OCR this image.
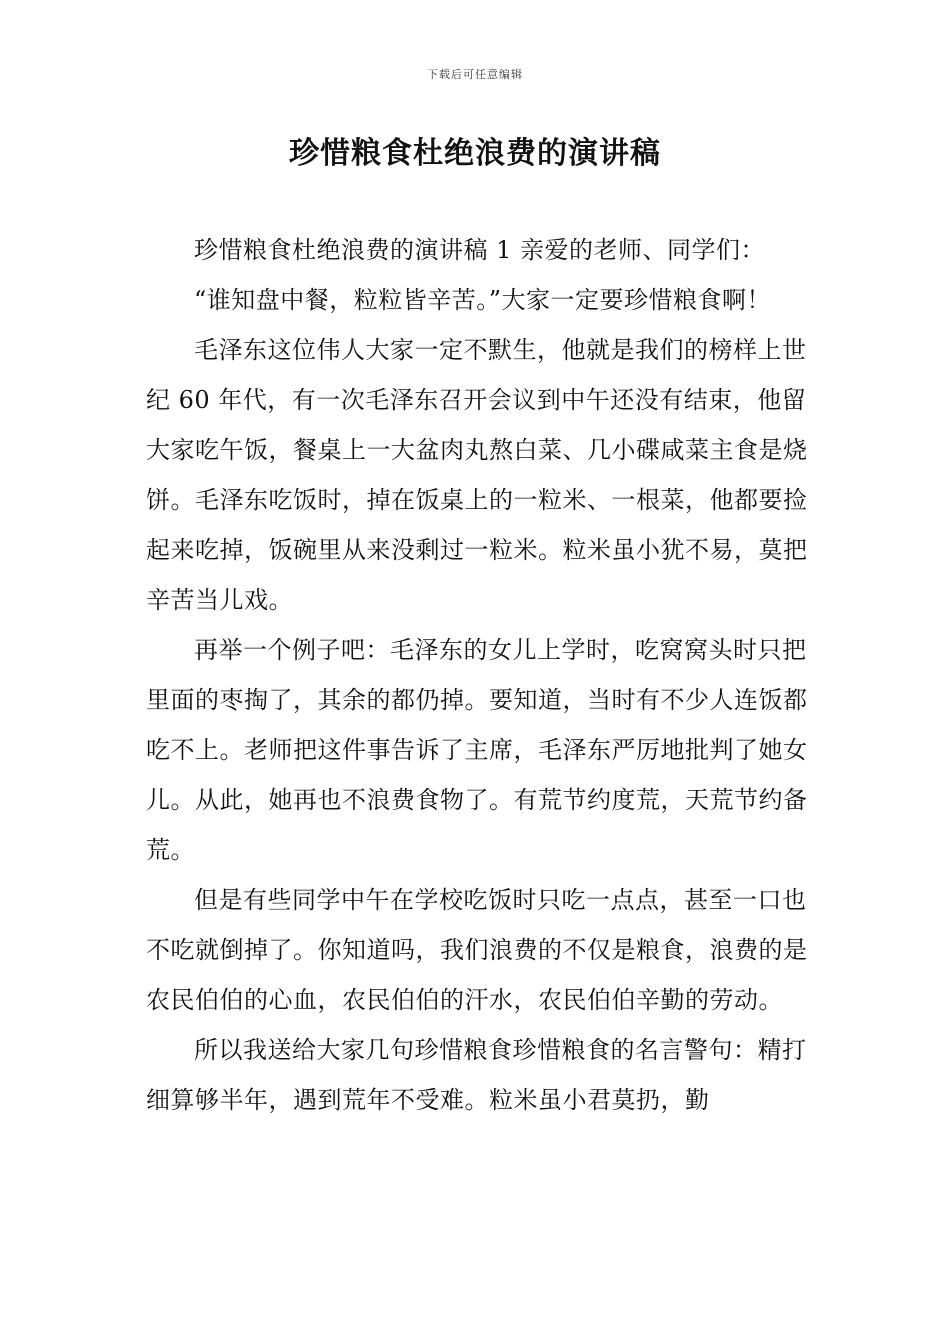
下载后可任意编辑
珍惜粮食杜绝浪费的演讲稿

珍惜粮食杜绝浪费的演讲稿 1 亲爱的老师、同学们：

“谁知盘中餐，粒粒皆辛苦。”大家一定要珍惜粮食啊！

毛泽东这位伟人大家一定不默生，他就是我们的榜样上世纪 60 年代，有一次毛泽东召开会议到中午还没有结束，他留大家吃午饭，餐桌上一大盆肉丸熬白菜、几小碟咸菜主食是烧饼。毛泽东吃饭时，掉在饭桌上的一粒米、一根菜，他都要捡起来吃掉，饭碗里从来没剩过一粒米。粒米虽小犹不易，莫把辛苦当儿戏。

再举一个例子吧：毛泽东的女儿上学时，吃窝窝头时只把里面的枣掏了，其余的都仍掉。要知道，当时有不少人连饭都吃不上。老师把这件事告诉了主席，毛泽东严厉地批判了她女儿。从此，她再也不浪费食物了。有荒节约度荒，天荒节约备荒。

但是有些同学中午在学校吃饭时只吃一点点，甚至一口也不吃就倒掉了。你知道吗，我们浪费的不仅是粮食，浪费的是农民伯伯的心血，农民伯伯的汗水，农民伯伯辛勤的劳动。

所以我送给大家几句珍惜粮食珍惜粮食的名言警句：精打细算够半年，遇到荒年不受难。粒米虽小君莫扔，勤
